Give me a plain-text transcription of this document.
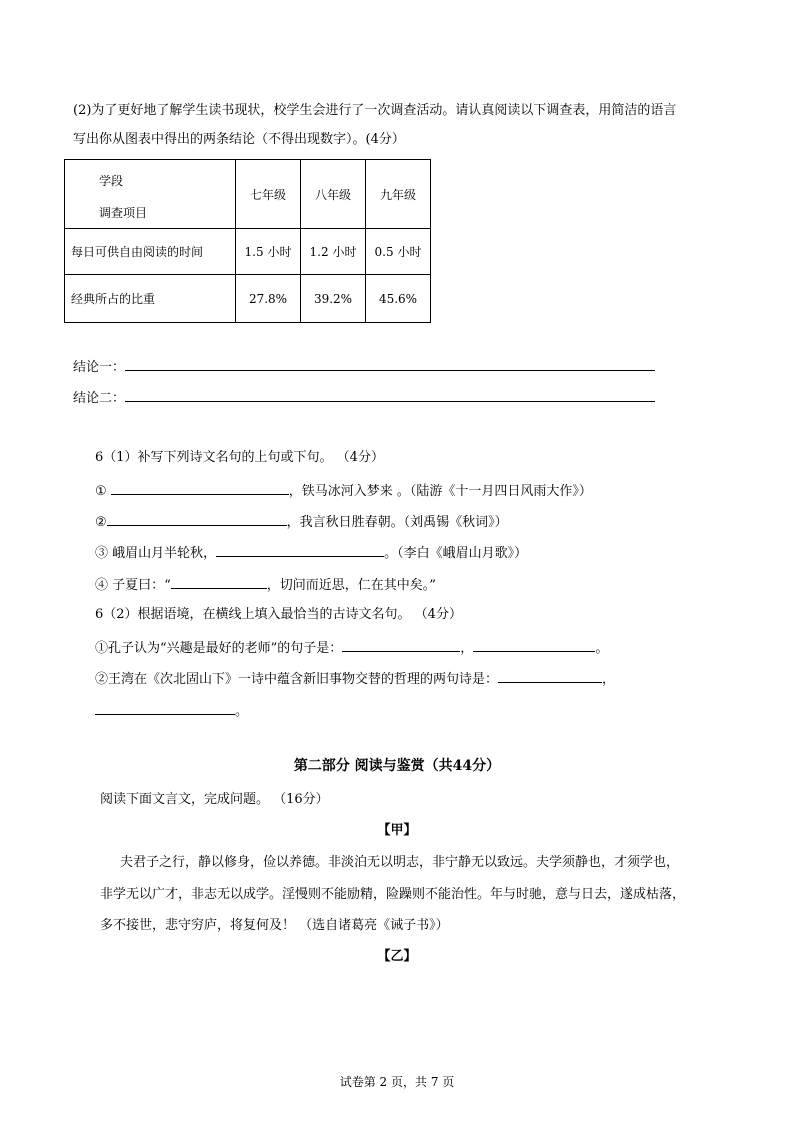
(2)为了更好地了解学生读书现状，校学生会进行了一次调查活动。请认真阅读以下调查表，用简洁的语言
写出你从图表中得出的两条结论（不得出现数字）。(4分）
学段
调查项目	七年级	八年级	九年级
每日可供自由阅读的时间	1.5 小时	1.2 小时	0.5 小时
经典所占的比重	27.8%	39.2%	45.6%
结论一：
结论二：
6（1）补写下列诗文名句的上句或下句。 （4分）
①	，铁马冰河入梦来 。（陆游《十一月四日风雨大作》）
②	，我言秋日胜春朝。（刘禹锡《秋词》）
③ 峨眉山月半轮秋，	。（李白《峨眉山月歌》）
④ 子夏曰：“	，切问而近思，仁在其中矣。”
6（2）根据语境，在横线上填入最恰当的古诗文名句。 （4分）
①孔子认为“兴趣是最好的老师”的句子是：	，	。
②王湾在《次北固山下》一诗中蕴含新旧事物交替的哲理的两句诗是：	，
。
第二部分 阅读与鉴赏（共44分）
阅读下面文言文，完成问题。 （16分）
【甲】
夫君子之行，静以修身，俭以养德。非淡泊无以明志，非宁静无以致远。夫学须静也，才须学也，
非学无以广才，非志无以成学。淫慢则不能励精，险躁则不能治性。年与时驰，意与日去，遂成枯落，
多不接世，悲守穷庐，将复何及！ （选自诸葛亮《诫子书》）
【乙】
试卷第 2 页，共 7 页
